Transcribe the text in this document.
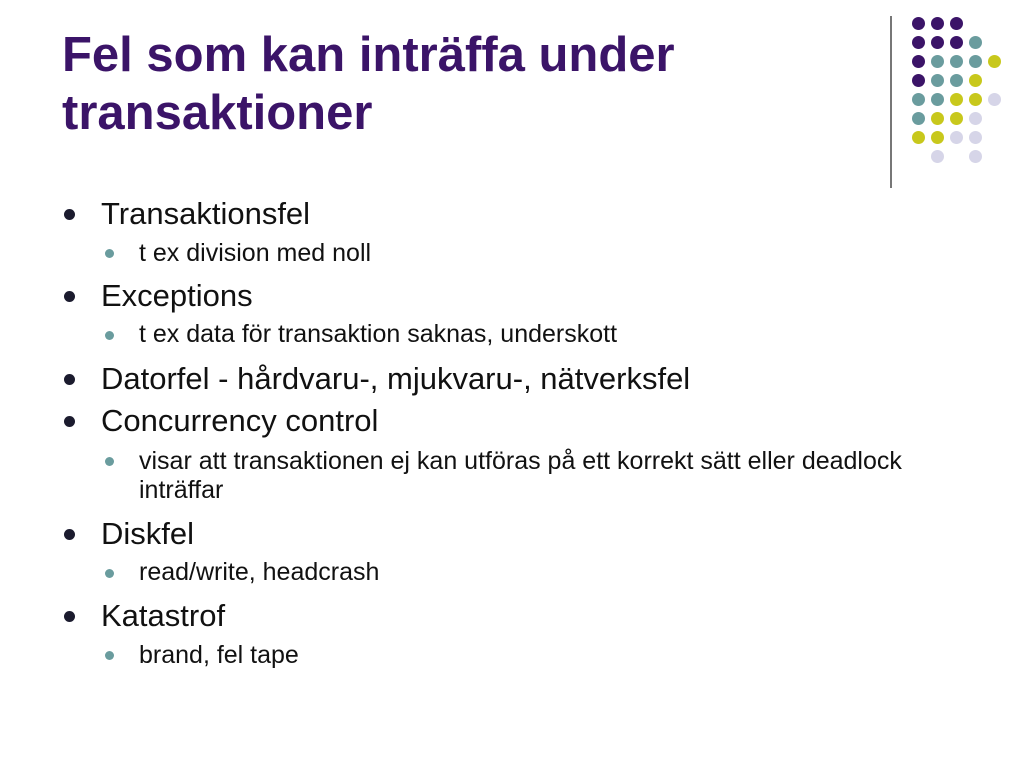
Fel som kan inträffa under
transaktioner

Transaktionsfel

t ex division med noll

Exceptions

t ex data för transaktion saknas, underskott

Datorfel - hårdvaru-, mjukvaru-, nätverksfel

Concurrency control

visar att transaktionen ej kan utföras på ett korrekt sätt eller deadlock inträffar

Diskfel

read/write, headcrash

Katastrof

brand, fel tape
